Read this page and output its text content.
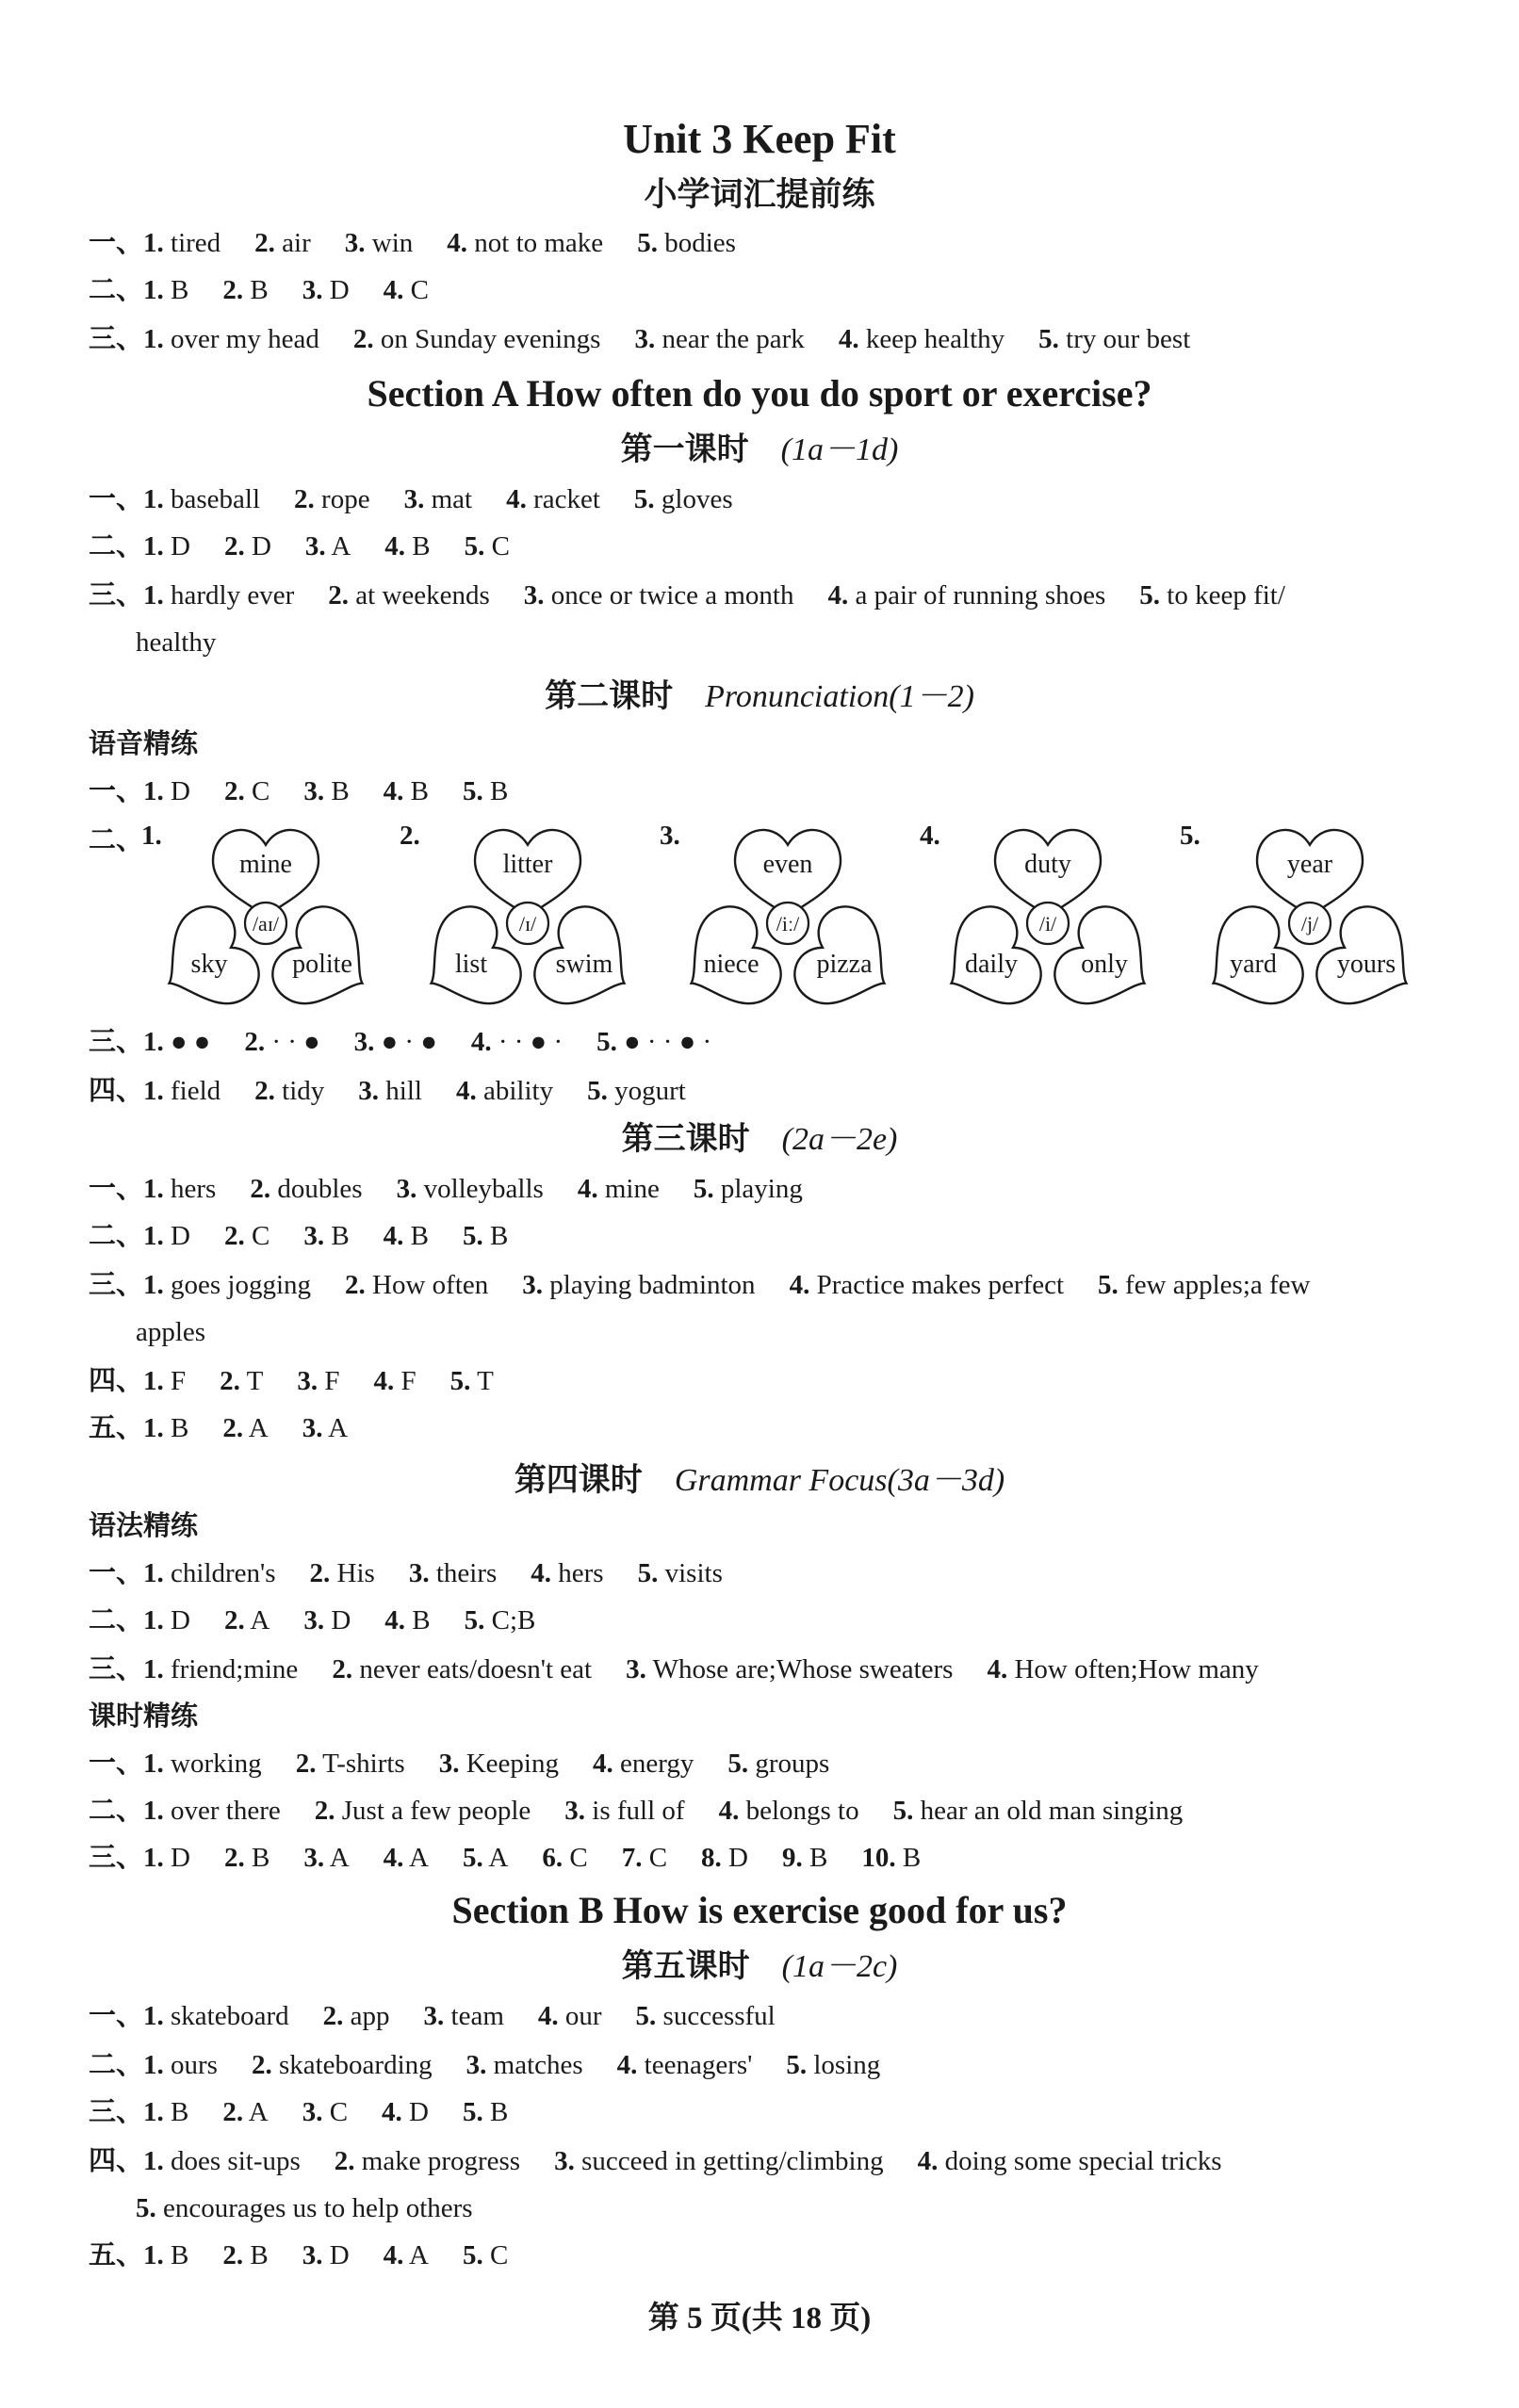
Unit 3 Keep Fit
小学词汇提前练
一、1. tired 2. air 3. win 4. not to make 5. bodies
二、1. B 2. B 3. D 4. C
三、1. over my head 2. on Sunday evenings 3. near the park 4. keep healthy 5. try our best
Section A How often do you do sport or exercise?
第一课时 (1a－1d)
一、1. baseball 2. rope 3. mat 4. racket 5. gloves
二、1. D 2. D 3. A 4. B 5. C
三、1. hardly ever 2. at weekends 3. once or twice a month 4. a pair of running shoes 5. to keep fit/
healthy
第二课时 Pronunciation(1－2)
语音精练
一、1. D 2. C 3. B 4. B 5. B
二、
1.
mine
/aɪ/
sky polite
2.
litter
/ɪ/
list	swim
3.
even
/iː/
niece pizza
4.
duty
/i/
daily only
5.
year
/j/
yard yours
三、1. ● ● 2. · · ● 3. ● · ● 4. · · ● · 5. ● · · ● ·
四、1. field 2. tidy 3. hill 4. ability 5. yogurt
第三课时 (2a－2e)
一、1. hers 2. doubles 3. volleyballs 4. mine 5. playing
二、1. D 2. C 3. B 4. B 5. B
三、1. goes jogging 2. How often 3. playing badminton 4. Practice makes perfect 5. few apples;a few
apples
四、1. F 2. T 3. F 4. F 5. T
五、1. B 2. A 3. A
第四课时 Grammar Focus(3a－3d)
语法精练
一、1. children's 2. His 3. theirs 4. hers 5. visits
二、1. D 2. A 3. D 4. B 5. C;B
三、1. friend;mine 2. never eats/doesn't eat 3. Whose are;Whose sweaters 4. How often;How many
课时精练
一、1. working 2. T-shirts 3. Keeping 4. energy 5. groups
二、1. over there 2. Just a few people 3. is full of 4. belongs to 5. hear an old man singing
三、1. D 2. B 3. A 4. A 5. A 6. C 7. C 8. D 9. B 10. B
Section B How is exercise good for us?
第五课时 (1a－2c)
一、1. skateboard 2. app 3. team 4. our 5. successful
二、1. ours 2. skateboarding 3. matches 4. teenagers' 5. losing
三、1. B 2. A 3. C 4. D 5. B
四、1. does sit-ups 2. make progress 3. succeed in getting/climbing 4. doing some special tricks
5. encourages us to help others
五、1. B 2. B 3. D 4. A 5. C
第 5 页(共 18 页)
